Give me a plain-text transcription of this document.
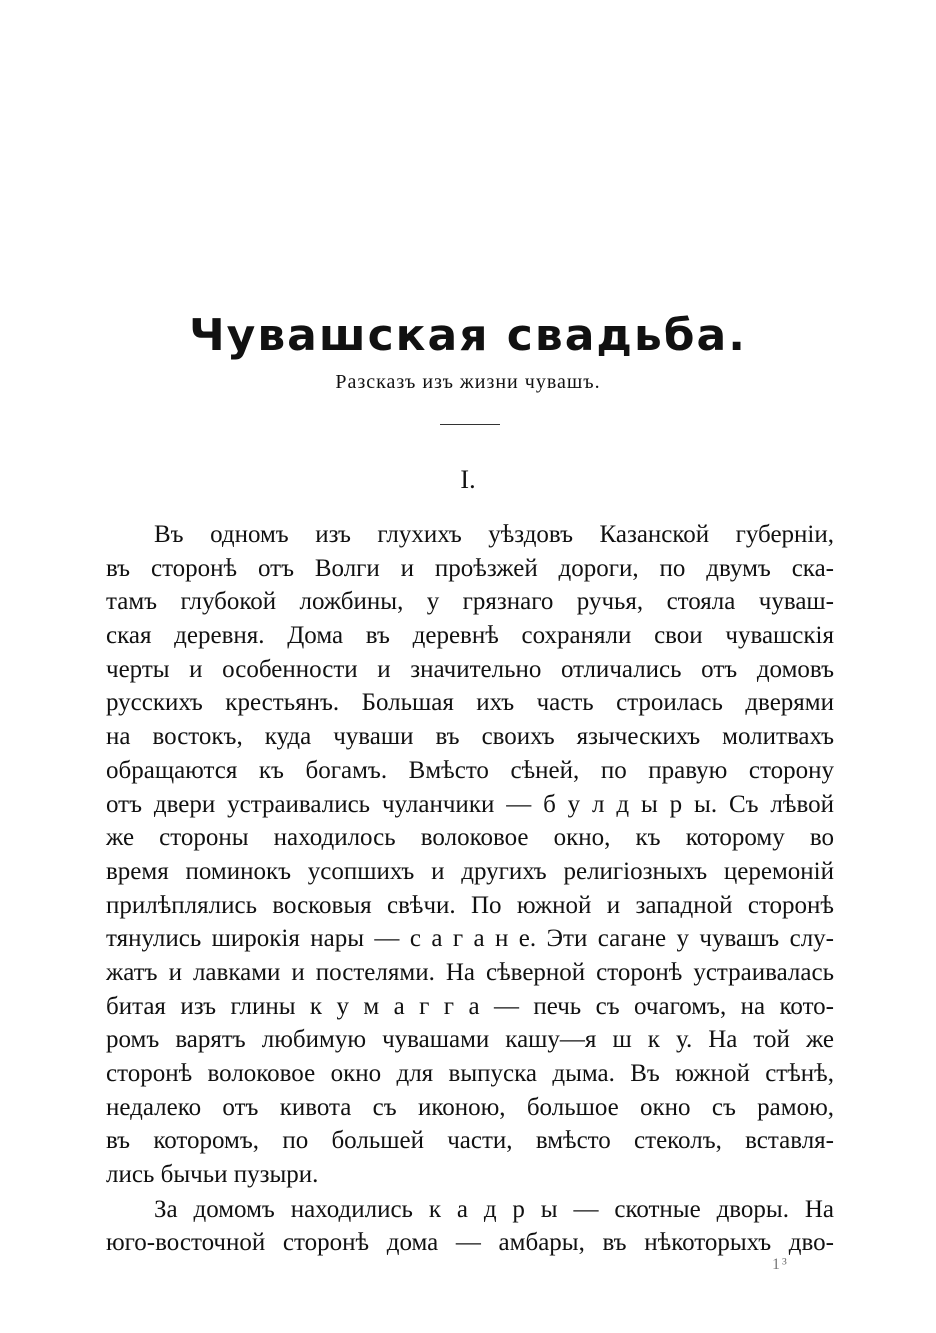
Чувашская свадьба.
Разсказъ изъ жизни чувашъ.
I.
Въ одномъ изъ глухихъ уѣздовъ Казанской губерніи,
въ сторонѣ отъ Волги и проѣзжей дороги, по двумъ ска-
тамъ глубокой ложбины, у грязнаго ручья, стояла чуваш-
ская деревня. Дома въ деревнѣ сохраняли свои чувашскія
черты и особенности и значительно отличались отъ домовъ
русскихъ крестьянъ. Большая ихъ часть строилась дверями
на востокъ, куда чуваши въ своихъ языческихъ молитвахъ
обращаются къ богамъ. Вмѣсто сѣней, по правую сторону
отъ двери устраивались чуланчики — б у л д ы р ы. Съ лѣвой
же стороны находилось волоковое окно, къ которому во
время поминокъ усопшихъ и другихъ религіозныхъ церемоній
прилѣплялись восковыя свѣчи. По южной и западной сторонѣ
тянулись широкія нары — с а г а н е. Эти сагане у чувашъ слу-
жатъ и лавками и постелями. На сѣверной сторонѣ устраивалась
битая изъ глины к у м а г г а — печь съ очагомъ, на кото-
ромъ варятъ любимую чувашами кашу—я ш к у. На той же
сторонѣ волоковое окно для выпуска дыма. Въ южной стѣнѣ,
недалеко отъ кивота съ иконою, большое окно съ рамою,
въ которомъ, по большей части, вмѣсто стеколъ, вставля-
лись бычьи пузыри.
За домомъ находились к а д р ы — скотные дворы. На
юго-восточной сторонѣ дома — амбары, въ нѣкоторыхъ дво-
1³
